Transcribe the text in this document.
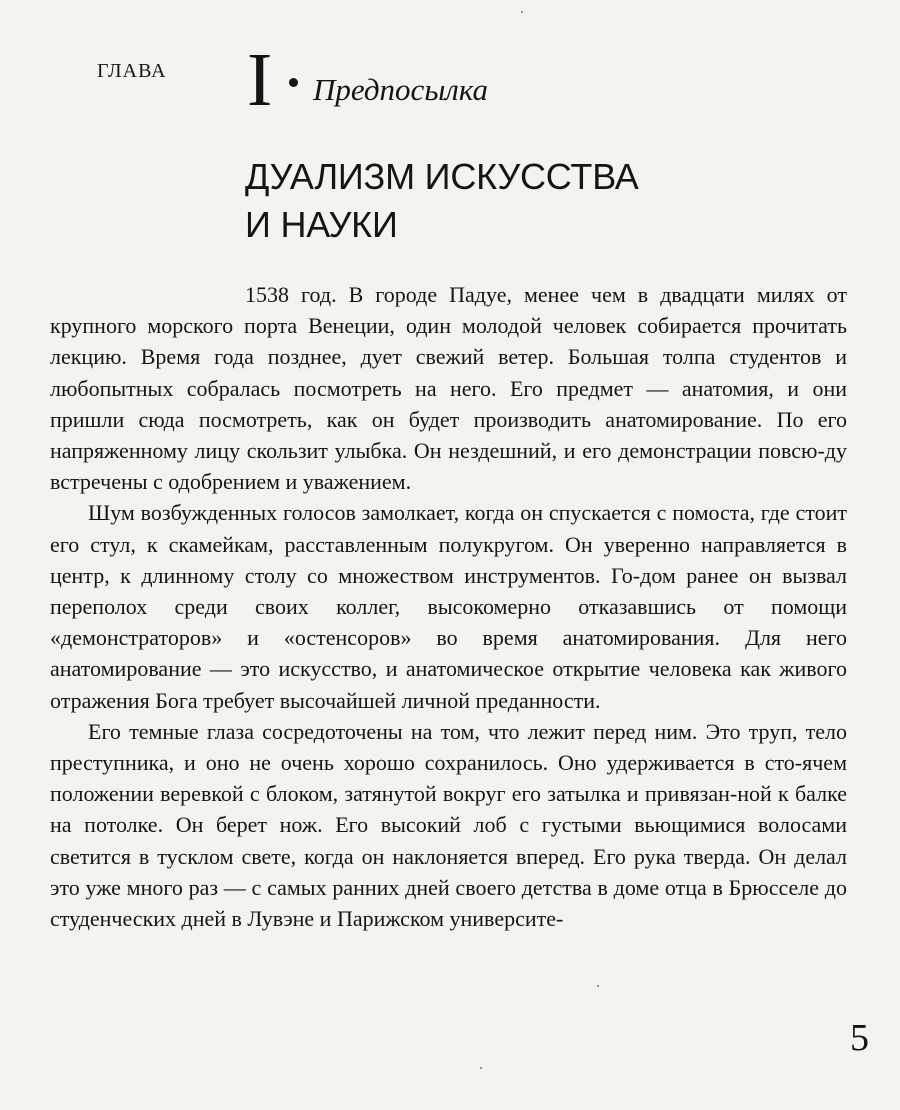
ГЛАВА I Предпосылка
ДУАЛИЗМ ИСКУССТВА
И НАУКИ

1538 год. В городе Падуе, менее чем в двадцати милях от крупного морского порта Венеции, один молодой человек собирается прочитать лекцию. Время года позднее, дует свежий ветер. Большая толпа студентов и любопытных собралась посмотреть на него. Его предмет — анатомия, и они пришли сюда посмотреть, как он будет производить анатомирование. По его напряженному лицу скользит улыбка. Он нездешний, и его демонстрации повсю-ду встречены с одобрением и уважением.

Шум возбужденных голосов замолкает, когда он спускается с помоста, где стоит его стул, к скамейкам, расставленным полукругом. Он уверенно направляется в центр, к длинному столу со множеством инструментов. Го-дом ранее он вызвал переполох среди своих коллег, высокомерно отказавшись от помощи «демонстраторов» и «остенсоров» во время анатомирования. Для него анатомирование — это искусство, и анатомическое открытие человека как живого отражения Бога требует высочайшей личной преданности.

Его темные глаза сосредоточены на том, что лежит перед ним. Это труп, тело преступника, и оно не очень хорошо сохранилось. Оно удерживается в сто-ячем положении веревкой с блоком, затянутой вокруг его затылка и привязан-ной к балке на потолке. Он берет нож. Его высокий лоб с густыми вьющимися волосами светится в тусклом свете, когда он наклоняется вперед. Его рука тверда. Он делал это уже много раз — с самых ранних дней своего детства в доме отца в Брюсселе до студенческих дней в Лувэне и Парижском университе-

5
